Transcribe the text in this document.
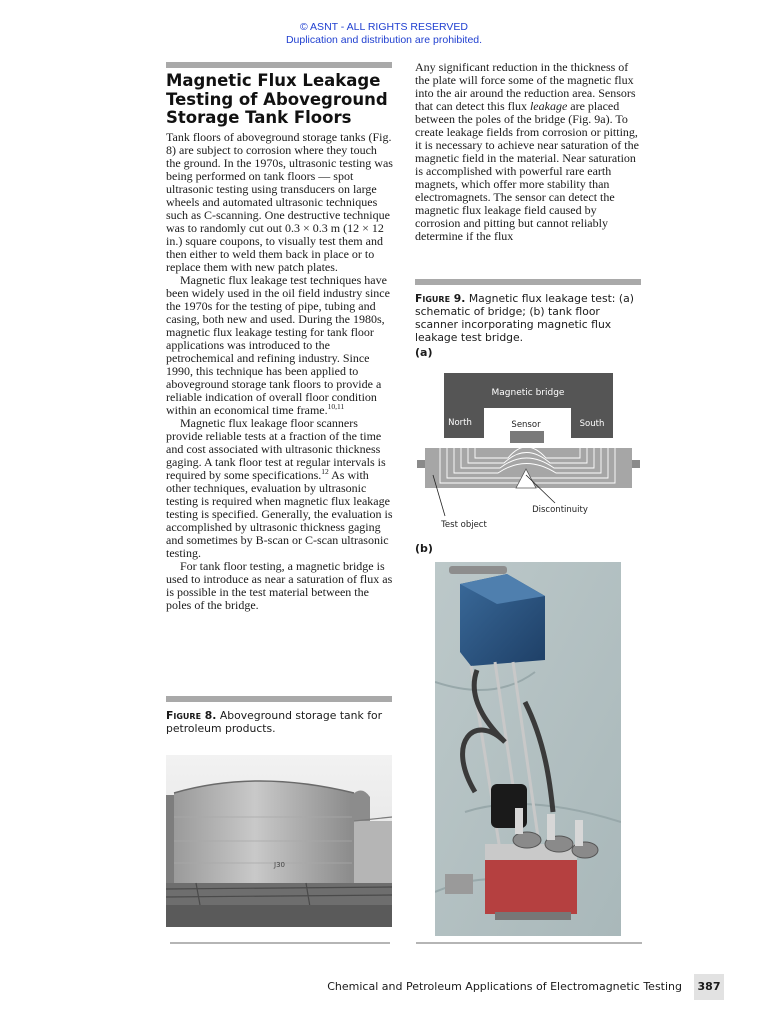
© ASNT - ALL RIGHTS RESERVED
Duplication and distribution are prohibited.
Magnetic Flux Leakage Testing of Aboveground Storage Tank Floors

Tank floors of aboveground storage tanks (Fig. 8) are subject to corrosion where they touch the ground. In the 1970s, ultrasonic testing was being performed on tank floors — spot ultrasonic testing using transducers on large wheels and automated ultrasonic techniques such as C-scanning. One destructive technique was to randomly cut out 0.3 × 0.3 m (12 × 12 in.) square coupons, to visually test them and then either to weld them back in place or to replace them with new patch plates.

Magnetic flux leakage test techniques have been widely used in the oil field industry since the 1970s for the testing of pipe, tubing and casing, both new and used. During the 1980s, magnetic flux leakage testing for tank floor applications was introduced to the petrochemical and refining industry. Since 1990, this technique has been applied to aboveground storage tank floors to provide a reliable indication of overall floor condition within an economical time frame.$^{10,11}$

Magnetic flux leakage floor scanners provide reliable tests at a fraction of the time and cost associated with ultrasonic thickness gaging. A tank floor test at regular intervals is required by some specifications.$^{12}$ As with other techniques, evaluation by ultrasonic testing is required when magnetic flux leakage testing is specified. Generally, the evaluation is accomplished by ultrasonic thickness gaging and sometimes by B-scan or C-scan ultrasonic testing.

For tank floor testing, a magnetic bridge is used to introduce as near a saturation of flux as is possible in the test material between the poles of the bridge.

Any significant reduction in the thickness of the plate will force some of the magnetic flux into the air around the reduction area. Sensors that can detect this flux leakage are placed between the poles of the bridge (Fig. 9a). To create leakage fields from corrosion or pitting, it is necessary to achieve near saturation of the magnetic field in the material. Near saturation is accomplished with powerful rare earth magnets, which offer more stability than electromagnets. The sensor can detect the magnetic flux leakage field caused by corrosion and pitting but cannot reliably determine if the flux

Figure 8. Aboveground storage tank for petroleum products.
J30
Figure 9. Magnetic flux leakage test: (a) schematic of bridge; (b) tank floor scanner incorporating magnetic flux leakage test bridge.
(a)
Magnetic bridge
North	South
Sensor
Discontinuity
Test object
(b)
Chemical and Petroleum Applications of Electromagnetic Testing	387
